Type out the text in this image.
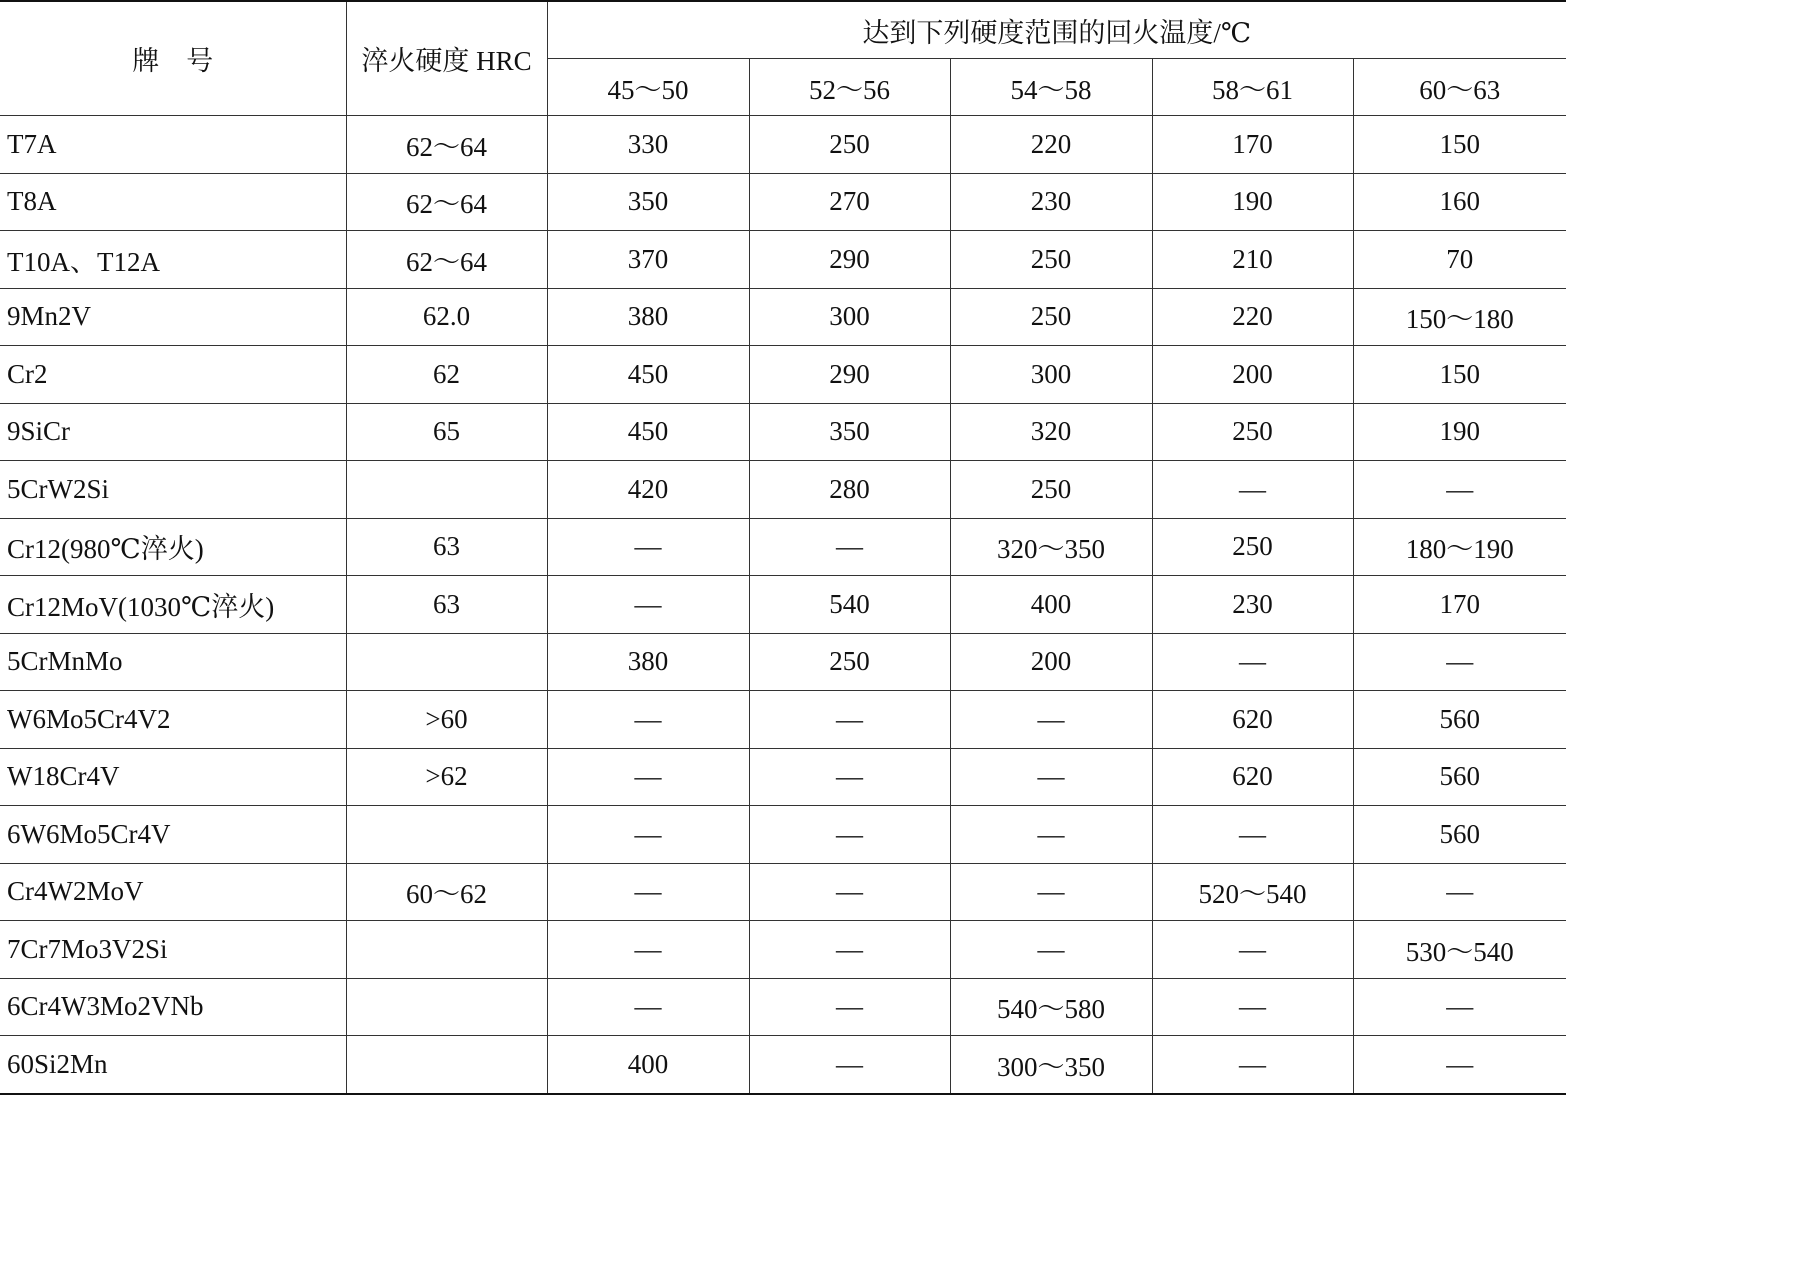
牌　号	淬火硬度 HRC	达到下列硬度范围的回火温度/℃				
		45～50	52～56	54～58	58～61	60～63
T7A	62～64	330	250	220	170	150
T8A	62～64	350	270	230	190	160
T10A、T12A	62～64	370	290	250	210	70
9Mn2V	62.0	380	300	250	220	150～180
Cr2	62	450	290	300	200	150
9SiCr	65	450	350	320	250	190
5CrW2Si		420	280	250	—	—
Cr12(980℃淬火)	63	—	—	320～350	250	180～190
Cr12MoV(1030℃淬火)	63	—	540	400	230	170
5CrMnMo		380	250	200	—	—
W6Mo5Cr4V2	>60	—	—	—	620	560
W18Cr4V	>62	—	—	—	620	560
6W6Mo5Cr4V		—	—	—	—	560
Cr4W2MoV	60～62	—	—	—	520～540	—
7Cr7Mo3V2Si		—	—	—	—	530～540
6Cr4W3Mo2VNb		—	—	540～580	—	—
60Si2Mn		400	—	300～350	—	—
